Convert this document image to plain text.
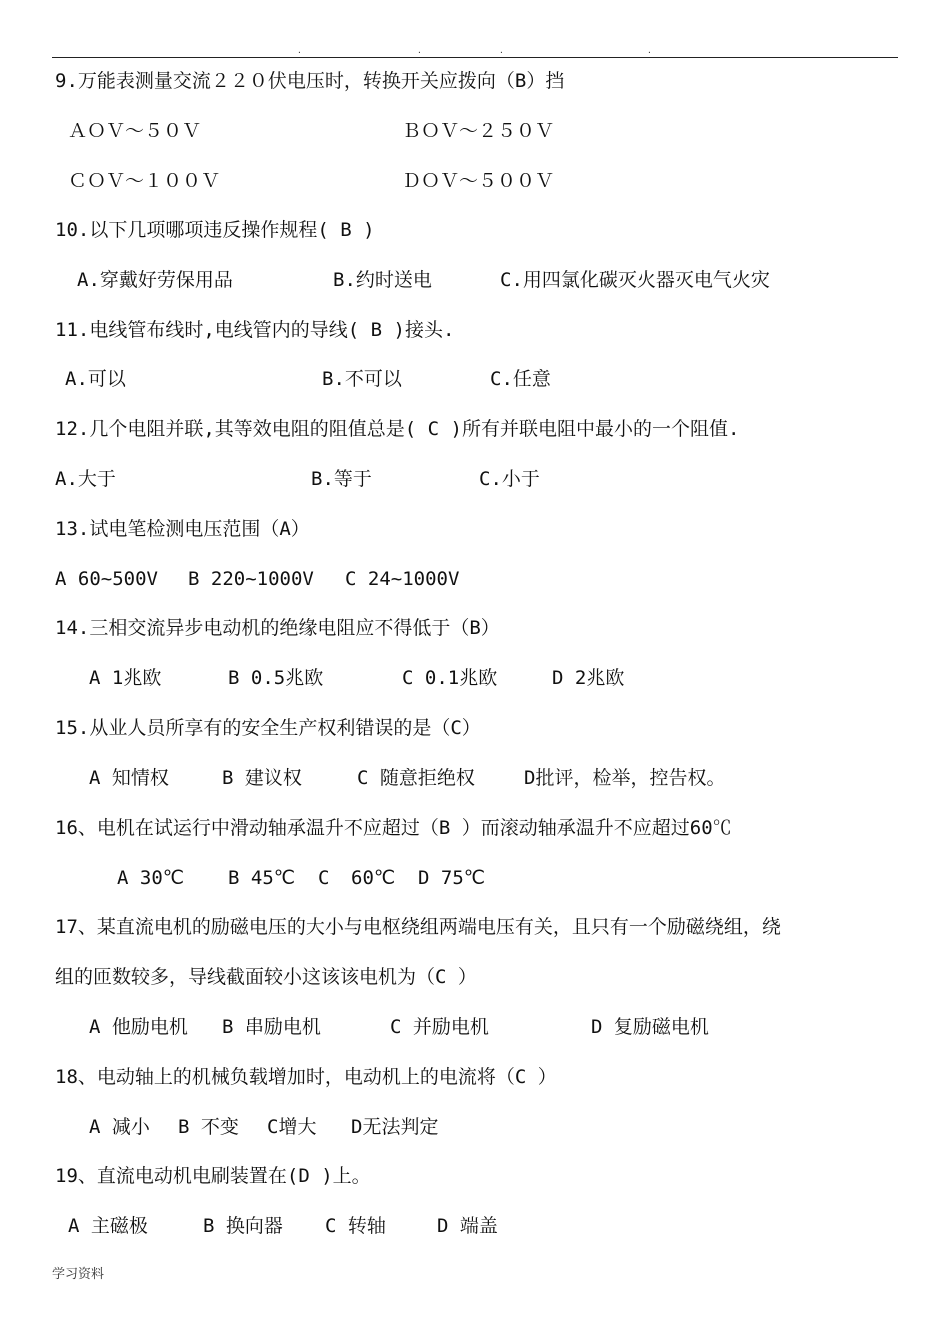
.	.	.	.
9.万能表测量交流２２０伏电压时，转换开关应拨向（B）挡
ＡＯＶ～５０Ｖ	ＢＯＶ～２５０Ｖ
ＣＯＶ～１００Ｖ	ＤＯＶ～５００Ｖ
10.以下几项哪项违反操作规程( B )
A.穿戴好劳保用品	B.约时送电	C.用四氯化碳灭火器灭电气火灾
11.电线管布线时,电线管内的导线( B )接头.
A.可以	B.不可以	C.任意
12.几个电阻并联,其等效电阻的阻值总是( C )所有并联电阻中最小的一个阻值.
A.大于	B.等于	C.小于
13.试电笔检测电压范围（A）
A 60~500V B 220~1000V C 24~1000V
14.三相交流异步电动机的绝缘电阻应不得低于（B）
A 1兆欧	B 0.5兆欧	C 0.1兆欧	D 2兆欧
15.从业人员所享有的安全生产权利错误的是（C）
A 知情权	B 建议权	C 随意拒绝权	D批评，检举，控告权。
16、电机在试运行中滑动轴承温升不应超过（B ）而滚动轴承温升不应超过60℃
A 30℃ B 45℃ C 60℃ D 75℃
17、某直流电机的励磁电压的大小与电枢绕组两端电压有关，且只有一个励磁绕组，绕
组的匝数较多，导线截面较小这该该电机为（C ）
A 他励电机 B 串励电机	C 并励电机	D 复励磁电机
18、电动轴上的机械负载增加时，电动机上的电流将（C ）
A 减小 B 不变 C增大 D无法判定
19、直流电动机电刷装置在(D )上。
A 主磁极	B 换向器 C 转轴	D 端盖
学习资料
